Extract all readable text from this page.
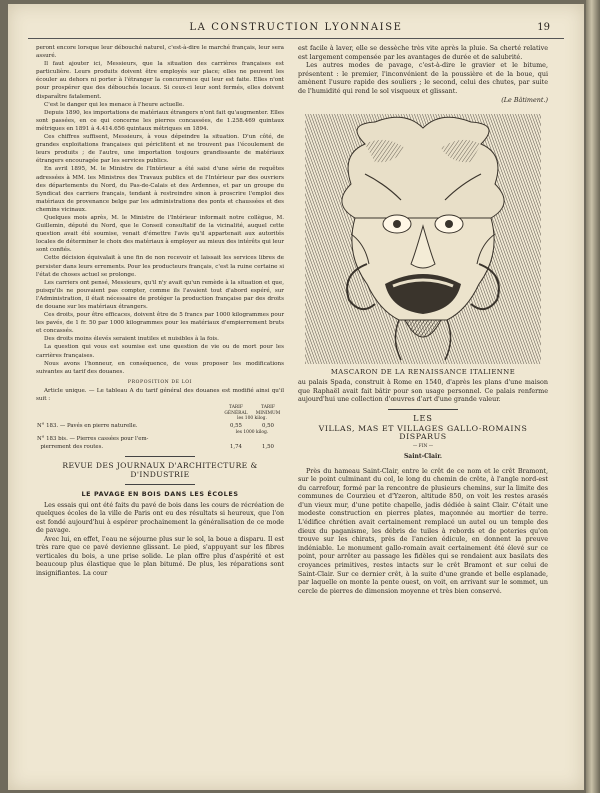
LA CONSTRUCTION LYONNAISE	19

peront encore lorsque leur débouché naturel, c'est-à-dire le marché français, leur sera assuré.

Il faut ajouter ici, Messieurs, que la situation des carrières françaises est particulière. Leurs produits doivent être employés sur place; elles ne peuvent les écouler au dehors ni porter à l'étranger la concurrence qui leur est faite. Elles n'ont pour prospérer que des débouchés locaux. Si ceux-ci leur sont fermés, elles doivent disparaître fatalement.

C'est le danger qui les menace à l'heure actuelle.

Depuis 1890, les importations de matériaux étrangers n'ont fait qu'augmenter. Elles sont passées, en ce qui concerne les pierres concassées, de 1.258.469 quintaux métriques en 1891 à 4.414.656 quintaux métriques en 1894.

Ces chiffres suffisent, Messieurs, à vous dépeindre la situation. D'un côté, de grandes exploitations françaises qui périclitent et ne trouvent pas l'écoulement de leurs produits ; de l'autre, une importation toujours grandissante de matériaux étrangers encouragée par les services publics.

En avril 1895, M. le Ministre de l'Intérieur a été saisi d'une série de requêtes adressées à MM. les Ministres des Travaux publics et de l'Intérieur par des ouvriers des départements du Nord, du Pas-de-Calais et des Ardennes, et par un groupe du Syndicat des carriers français, tendant à restreindre sinon à proscrire l'emploi des matériaux de provenance belge par les administrations des ponts et chaussées et des chemins vicinaux.

Quelques mois après, M. le Ministre de l'Intérieur informait notre collègue, M. Guillemin, député du Nord, que le Conseil consultatif de la vicinalité, auquel cette question avait été soumise, venait d'émettre l'avis qu'il appartenait aux autorités locales de déterminer le choix des matériaux à employer au mieux des intérêts qui leur sont confiés.

Cette décision équivalait à une fin de non recevoir et laissait les services libres de persister dans leurs errements. Pour les producteurs français, c'est la ruine certaine si l'état de choses actuel se prolonge.

Les carriers ont pensé, Messieurs, qu'il n'y avait qu'un remède à la situation et que, puisqu'ils ne pouvaient pas compter, comme ils l'avaient tout d'abord espéré, sur l'Administration, il était nécessaire de protéger la production française par des droits de douane sur les matériaux étrangers.

Ces droits, pour être efficaces, doivent être de 5 francs par 1000 kilogrammes pour les pavés, de 1 fr. 50 par 1000 kilogrammes pour les matériaux d'empierrement bruts et concassés.

Des droits moins élevés seraient inutiles et nuisibles à la fois.

La question qui vous est soumise est une question de vie ou de mort pour les carrières françaises.

Nous avons l'honneur, en conséquence, de vous proposer les modifications suivantes au tarif des douanes.

PROPOSITION DE LOI

Article unique. — Le tableau A du tarif général des douanes est modifié ainsi qu'il suit :

	TARIF GÉNÉRAL	TARIF MINIMUM
	les 100 kilog.	
N° 183. — Pavés en pierre naturelle.	0,55	0,50
	les 1000 kilog.	
N° 183 bis. — Pierres cassées pour l'em-
pierrement des routes.	1,74	1,50
REVUE DES JOURNAUX D'ARCHITECTURE & D'INDUSTRIE
LE PAVAGE EN BOIS DANS LES ÉCOLES

Les essais qui ont été faits du pavé de bois dans les cours de récréation de quelques écoles de la ville de Paris ont eu des résultats si heureux, que l'on est fondé aujourd'hui à espérer prochainement la généralisation de ce mode de pavage.

Avec lui, en effet, l'eau ne séjourne plus sur le sol, la boue a disparu. Il est très rare que ce pavé devienne glissant. Le pied, s'appuyant sur les fibres verticales du bois, a une prise solide. Le plan offre plus d'aspérité et est beaucoup plus élastique que le plan bitumé. De plus, les réparations sont insignifiantes. La cour

est facile à laver, elle se dessèche très vite après la pluie. Sa cherté relative est largement compensée par les avantages de durée et de salubrité.

Les autres modes de pavage, c'est-à-dire le gravier et le bitume, présentent : le premier, l'inconvénient de la poussière et de la boue, qui amènent l'usure rapide des souliers ; le second, celui des chutes, par suite de l'humidité qui rend le sol visqueux et glissant.

(Le Bâtiment.)

MASCARON DE LA RENAISSANCE ITALIENNE

au palais Spada, construit à Rome en 1540, d'après les plans d'une maison que Raphaël avait fait bâtir pour son usage personnel. Ce palais renferme aujourd'hui une collection d'œuvres d'art d'une grande valeur.

LES
VILLAS, MAS ET VILLAGES GALLO-ROMAINS DISPARUS
— FIN —
Saint-Clair.

Près du hameau Saint-Clair, entre le crêt de ce nom et le crêt Bramont, sur le point culminant du col, le long du chemin de crête, à l'angle nord-est du carrefour, formé par la rencontre de plusieurs chemins, sur la limite des communes de Courzieu et d'Yzeron, altitude 850, on voit les restes arasés d'un vieux mur, d'une petite chapelle, jadis dédiée à saint Clair. C'était une modeste construction en pierres plates, maçonnée au mortier de terre. L'édifice chrétien avait certainement remplacé un autel ou un temple des dieux du paganisme, les débris de tuiles à rebords et de poteries qu'on trouve sur les chirats, près de l'ancien édicule, en donnent la preuve indéniable. Le monument gallo-romain avait certainement été élevé sur ce point, pour arrêter au passage les fidèles qui se rendaient aux basilats des croyances primitives, restes intacts sur le crêt Bramont et sur celui de Saint-Clair. Sur ce dernier crêt, à la suite d'une grande et belle esplanade, par laquelle on monte la pente ouest, on voit, en arrivant sur le sommet, un cercle de pierres de dimension moyenne et très bien conservé.
